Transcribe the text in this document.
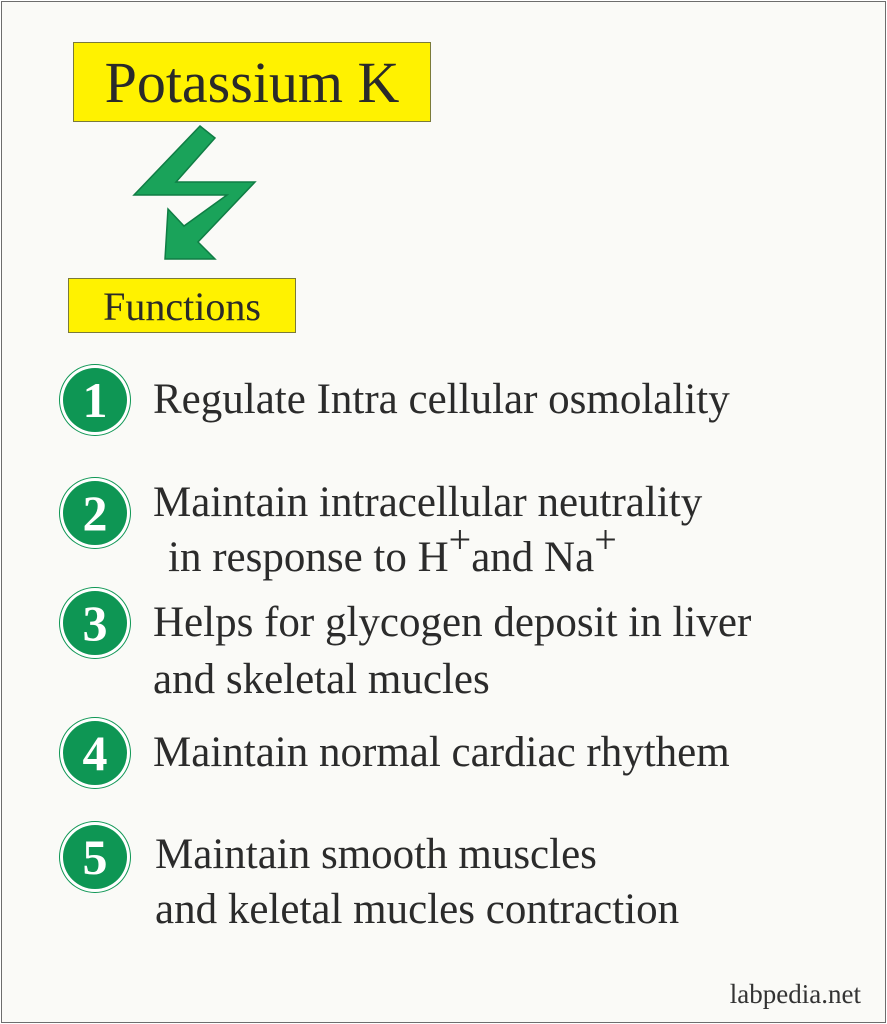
Potassium K
Functions
1	Regulate Intra cellular osmolality
2	Maintain intracellular neutrality
in response to H+and Na+
3	Helps for glycogen deposit in liver
and skeletal mucles
4	Maintain normal cardiac rhythem
5	Maintain smooth muscles
and keletal mucles contraction
labpedia.net
